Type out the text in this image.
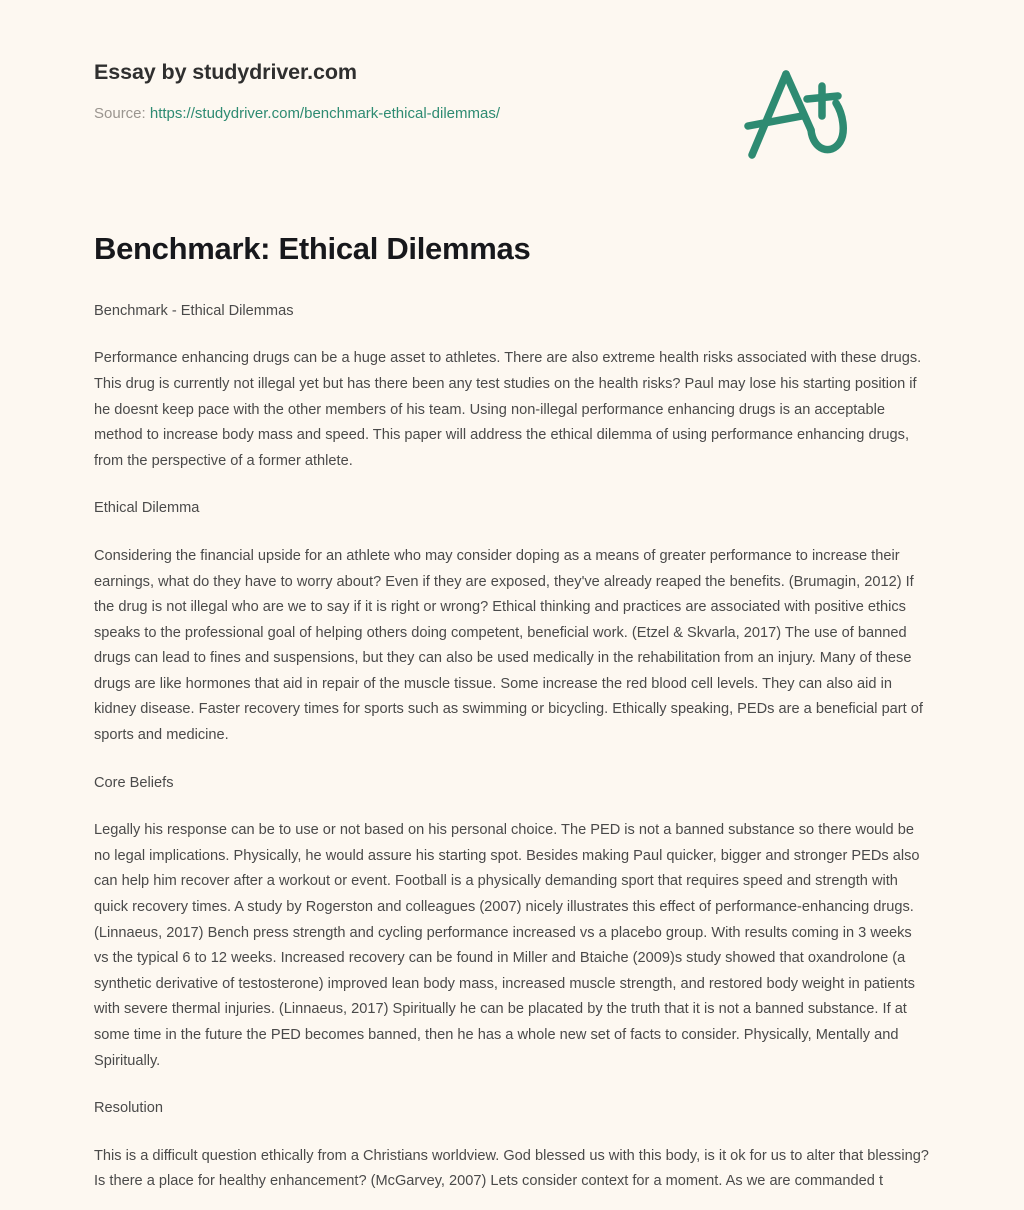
Essay by studydriver.com
Source: https://studydriver.com/benchmark-ethical-dilemmas/
Benchmark: Ethical Dilemmas

Benchmark - Ethical Dilemmas

Performance enhancing drugs can be a huge asset to athletes. There are also extreme health risks associated with these drugs. This drug is currently not illegal yet but has there been any test studies on the health risks? Paul may lose his starting position if he doesnt keep pace with the other members of his team. Using non-illegal performance enhancing drugs is an acceptable method to increase body mass and speed. This paper will address the ethical dilemma of using performance enhancing drugs, from the perspective of a former athlete.

Ethical Dilemma

Considering the financial upside for an athlete who may consider doping as a means of greater performance to increase their earnings, what do they have to worry about? Even if they are exposed, they've already reaped the benefits. (Brumagin, 2012) If the drug is not illegal who are we to say if it is right or wrong? Ethical thinking and practices are associated with positive ethics speaks to the professional goal of helping others doing competent, beneficial work. (Etzel & Skvarla, 2017) The use of banned drugs can lead to fines and suspensions, but they can also be used medically in the rehabilitation from an injury. Many of these drugs are like hormones that aid in repair of the muscle tissue. Some increase the red blood cell levels. They can also aid in kidney disease. Faster recovery times for sports such as swimming or bicycling. Ethically speaking, PEDs are a beneficial part of sports and medicine.

Core Beliefs

Legally his response can be to use or not based on his personal choice. The PED is not a banned substance so there would be no legal implications. Physically, he would assure his starting spot. Besides making Paul quicker, bigger and stronger PEDs also can help him recover after a workout or event. Football is a physically demanding sport that requires speed and strength with quick recovery times. A study by Rogerston and colleagues (2007) nicely illustrates this effect of performance-enhancing drugs. (Linnaeus, 2017) Bench press strength and cycling performance increased vs a placebo group. With results coming in 3 weeks vs the typical 6 to 12 weeks. Increased recovery can be found in Miller and Btaiche (2009)s study showed that oxandrolone (a synthetic derivative of testosterone) improved lean body mass, increased muscle strength, and restored body weight in patients with severe thermal injuries. (Linnaeus, 2017) Spiritually he can be placated by the truth that it is not a banned substance. If at some time in the future the PED becomes banned, then he has a whole new set of facts to consider. Physically, Mentally and Spiritually.

Resolution

This is a difficult question ethically from a Christians worldview. God blessed us with this body, is it ok for us to alter that blessing? Is there a place for healthy enhancement? (McGarvey, 2007) Lets consider context for a moment. As we are commanded t
